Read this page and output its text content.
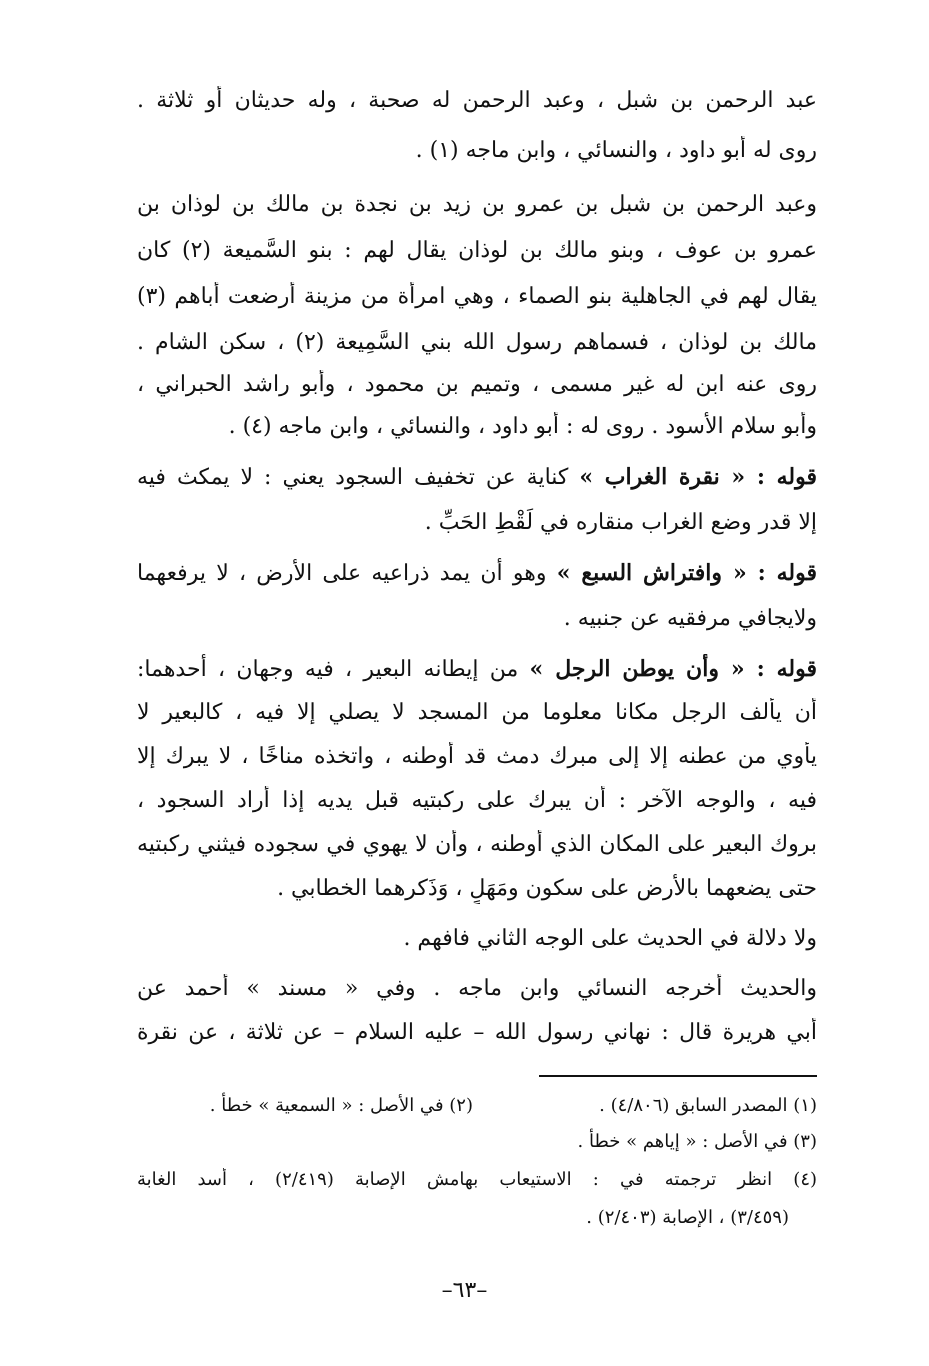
عبد الرحمن بن شبل ، وعبد الرحمن له صحبة ، وله حديثان أو ثلاثة .
روى له أبو داود ، والنسائي ، وابن ماجه (١) .
وعبد الرحمن بن شبل بن عمرو بن زيد بن نجدة بن مالك بن لوذان بن
عمرو بن عوف ، وبنو مالك بن لوذان يقال لهم : بنو السَّميعة (٢) كان
يقال لهم في الجاهلية بنو الصماء ، وهي امرأة من مزينة أرضعت أباهم (٣)
مالك بن لوذان ، فسماهم رسول الله بني السَّمِيعة (٢) ، سكن الشام .
روى عنه ابن له غير مسمى ، وتميم بن محمود ، وأبو راشد الحبراني ،
وأبو سلام الأسود . روى له : أبو داود ، والنسائي ، وابن ماجه (٤) .
قوله : « نقرة الغراب » كناية عن تخفيف السجود يعني : لا يمكث فيه
إلا قدر وضع الغراب منقاره في لَقْطِ الحَبِّ .
قوله : « وافتراش السبع » وهو أن يمد ذراعيه على الأرض ، لا يرفعهما
ولايجافي مرفقيه عن جنبيه .
قوله : « وأن يوطن الرجل » من إيطانه البعير ، فيه وجهان ، أحدهما:
أن يألف الرجل مكانا معلوما من المسجد لا يصلي إلا فيه ، كالبعير لا
يأوي من عطنه إلا إلى مبرك دمث قد أوطنه ، واتخذه مناخًا ، لا يبرك إلا
فيه ، والوجه الآخر : أن يبرك على ركبتيه قبل يديه إذا أراد السجود ،
بروك البعير على المكان الذي أوطنه ، وأن لا يهوي في سجوده فيثني ركبتيه
حتى يضعهما بالأرض على سكون ومَهَلٍ ، وَذَكرهما الخطابي .
ولا دلالة في الحديث على الوجه الثاني فافهم .
والحديث أخرجه النسائي وابن ماجه . وفي « مسند » أحمد عن
أبي هريرة قال : نهاني رسول الله – عليه السلام – عن ثلاثة ، عن نقرة
(١) المصدر السابق (٤/٨٠٦) .
(٢) في الأصل : « السمعية » خطأ .
(٣) في الأصل : « إياهم » خطأ .
(٤) انظر ترجمته في : الاستيعاب بهامش الإصابة (٢/٤١٩) ، أسد الغابة
(٣/٤٥٩) ، الإصابة (٢/٤٠٣) .
–٦٣–
